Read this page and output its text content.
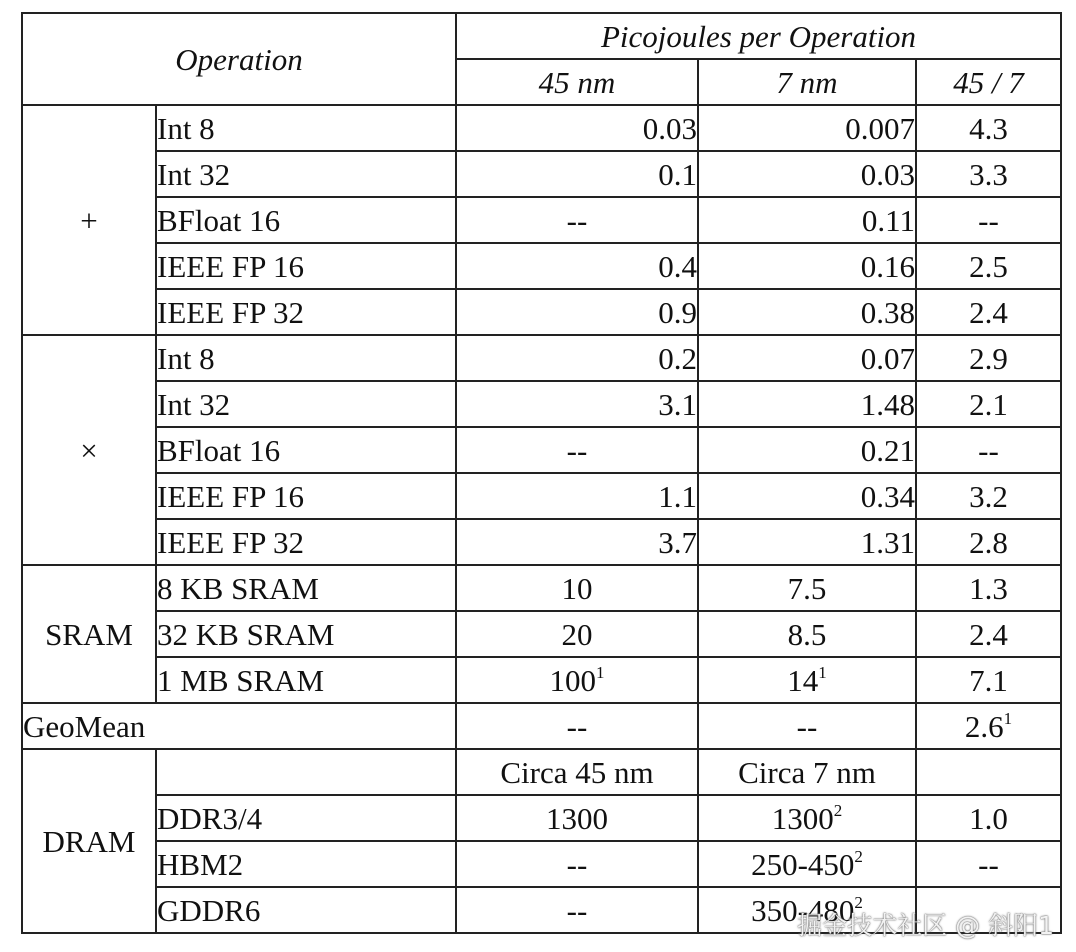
Operation		Picojoules per Operation		
		45 nm	7 nm	45 / 7
+	Int 8	0.03	0.007	4.3
	Int 32	0.1	0.03	3.3
	BFloat 16	--	0.11	--
	IEEE FP 16	0.4	0.16	2.5
	IEEE FP 32	0.9	0.38	2.4
×	Int 8	0.2	0.07	2.9
	Int 32	3.1	1.48	2.1
	BFloat 16	--	0.21	--
	IEEE FP 16	1.1	0.34	3.2
	IEEE FP 32	3.7	1.31	2.8
SRAM	8 KB SRAM	10	7.5	1.3
	32 KB SRAM	20	8.5	2.4
	1 MB SRAM	$100^1$	$14^1$	7.1
GeoMean		--	--	$2.6^1$
DRAM		Circa 45 nm	Circa 7 nm	
	DDR3/4	1300	1300$^2$	1.0
	HBM2	--	$250-450^2$	--
	GDDR6	--	$350-480^2$	
掘金技术社区 @ 斜阳1
